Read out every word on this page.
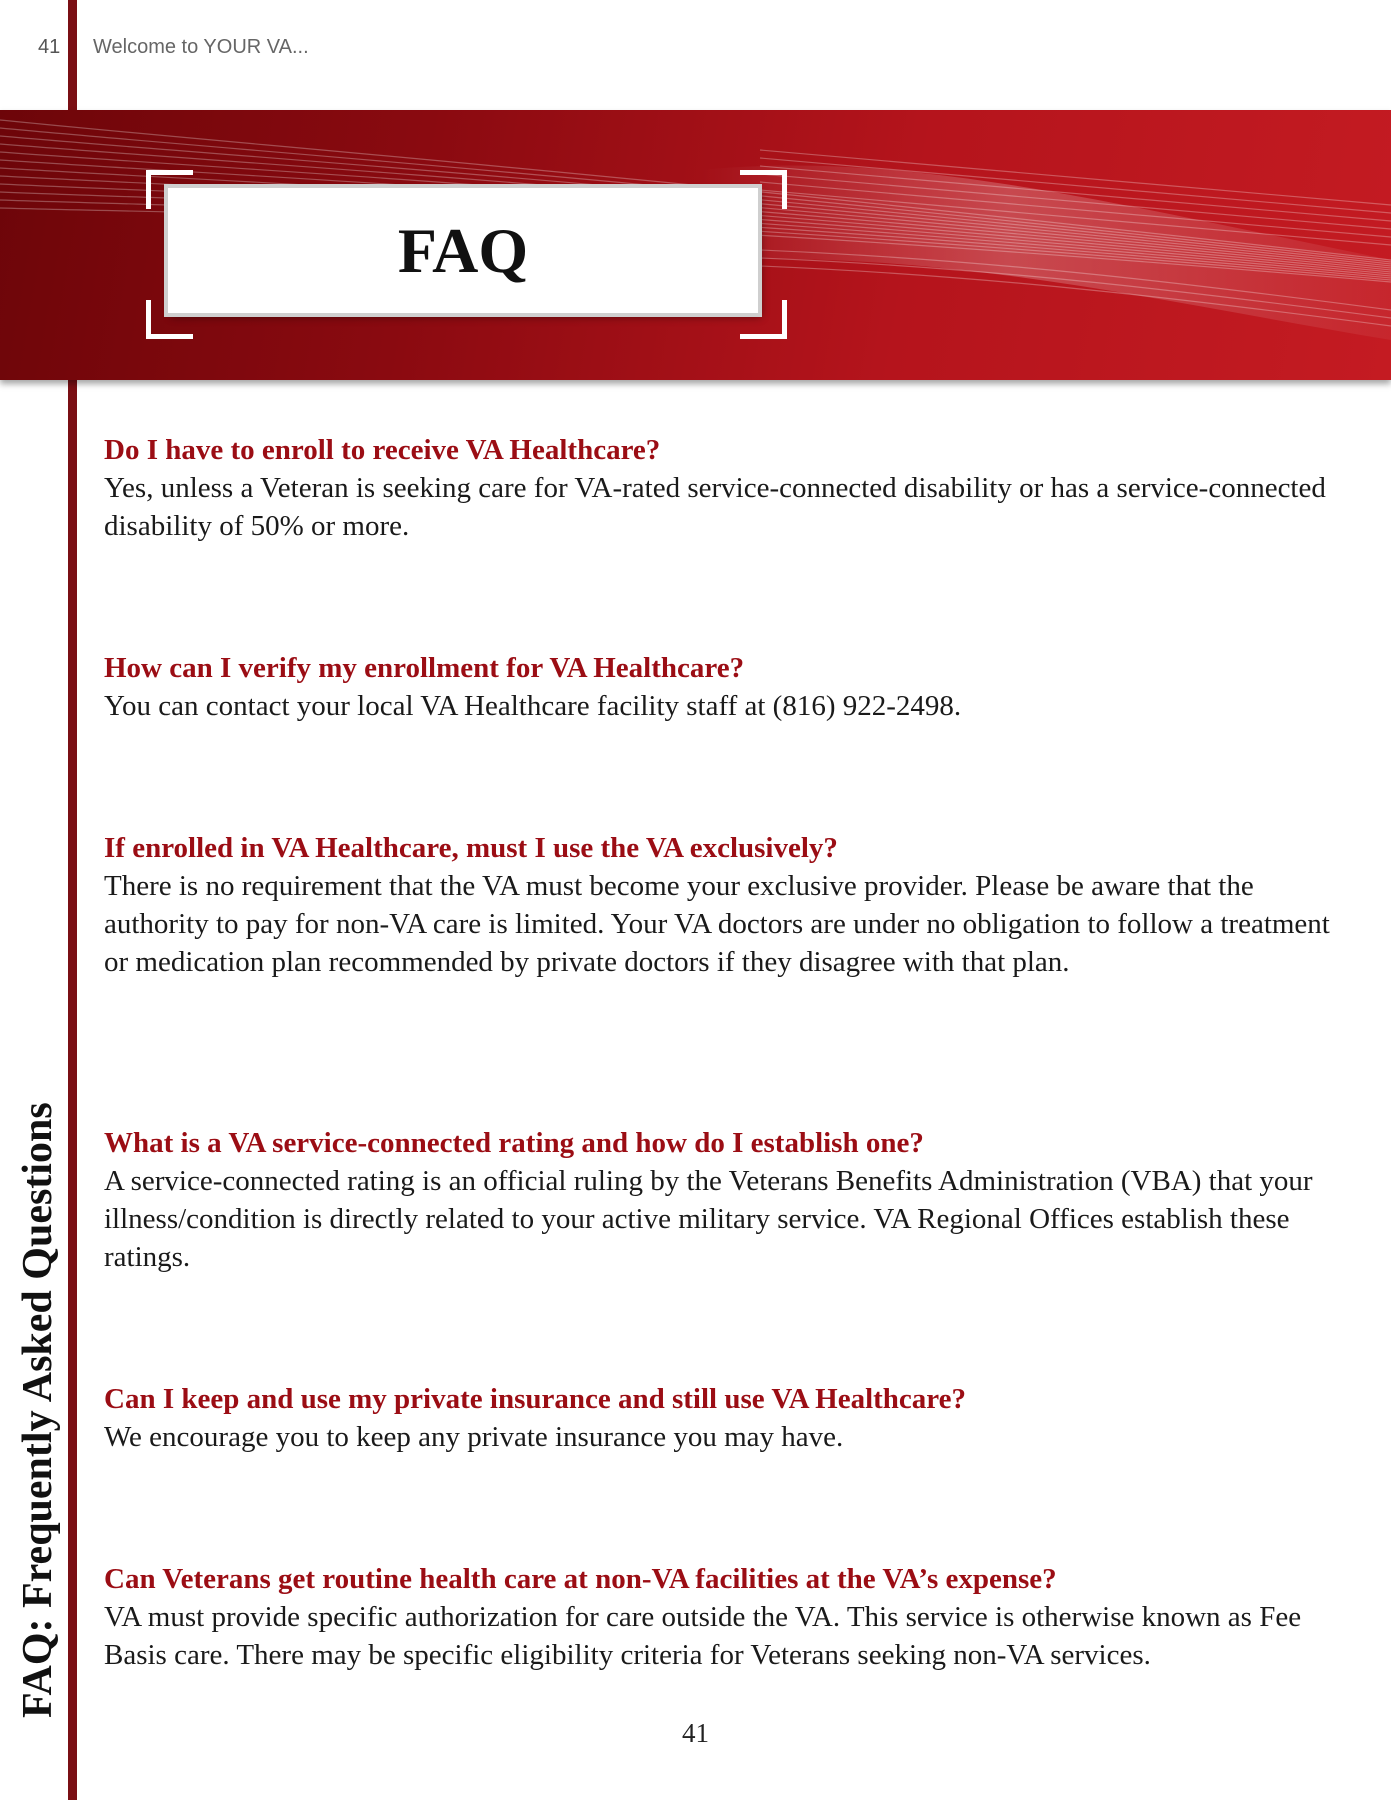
41 Welcome to YOUR VA...
FAQ
FAQ: Frequently Asked Questions

Do I have to enroll to receive VA Healthcare?

Yes, unless a Veteran is seeking care for VA-rated service-connected disability or has a service-connected disability of 50% or more.

How can I verify my enrollment for VA Healthcare?

You can contact your local VA Healthcare facility staff at (816) 922-2498.

If enrolled in VA Healthcare, must I use the VA exclusively?

There is no requirement that the VA must become your exclusive provider. Please be aware that the authority to pay for non-VA care is limited. Your VA doctors are under no obligation to follow a treatment or medication plan recommended by private doctors if they disagree with that plan.

What is a VA service-connected rating and how do I establish one?

A service-connected rating is an official ruling by the Veterans Benefits Administration (VBA) that your illness/condition is directly related to your active military service. VA Regional Offices establish these ratings.

Can I keep and use my private insurance and still use VA Healthcare?

We encourage you to keep any private insurance you may have.

Can Veterans get routine health care at non-VA facilities at the VA’s expense?

VA must provide specific authorization for care outside the VA. This service is otherwise known as Fee Basis care. There may be specific eligibility criteria for Veterans seeking non-VA services.

41
